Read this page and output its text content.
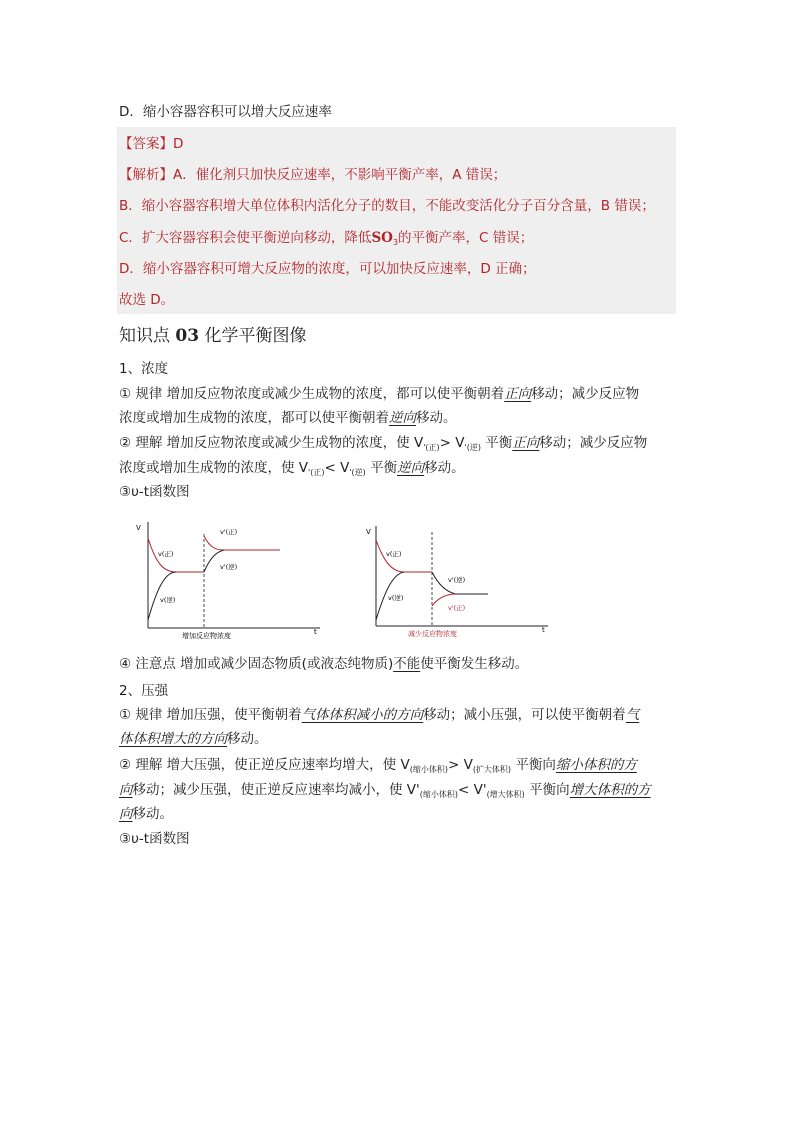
D．缩小容器容积可以增大反应速率
【答案】D
【解析】A．催化剂只加快反应速率，不影响平衡产率，A 错误；
B．缩小容器容积增大单位体积内活化分子的数目，不能改变活化分子百分含量，B 错误；
C．扩大容器容积会使平衡逆向移动，降低$SO_3$的平衡产率，C 错误；
D．缩小容器容积可增大反应物的浓度，可以加快反应速率，D 正确；
故选 D。
知识点 03 化学平衡图像
1、浓度
① 规律 增加反应物浓度或减少生成物的浓度，都可以使平衡朝着正向移动；减少反应物
浓度或增加生成物的浓度，都可以使平衡朝着逆向移动。
② 理解 增加反应物浓度或减少生成物的浓度，使 $V_{'(正)}> V_{'(逆)}$ 平衡正向移动；减少反应物
浓度或增加生成物的浓度，使 $V_{'(正)}< V_{'(逆)}$ 平衡逆向移动。
③υ-t函数图
V
t
v(正)
v(逆)
v'(正)
v'(逆)
增加反应物浓度
V
t
v(正)
v(逆)
v'(逆)
v'(正)
减少反应物浓度
④ 注意点 增加或减少固态物质(或液态纯物质)不能使平衡发生移动。
2、压强
① 规律 增加压强，使平衡朝着气体体积减小的方向移动；减小压强，可以使平衡朝着气
体体积增大的方向移动。
② 理解 增大压强，使正逆反应速率均增大，使 $V_{(缩小体积)}> V_{(扩大体积)}$ 平衡向缩小体积的方
向移动；减少压强，使正逆反应速率均减小，使 $V'_{(缩小体积)}< V'_{(增大体积)}$ 平衡向增大体积的方
向移动。
③υ-t函数图
